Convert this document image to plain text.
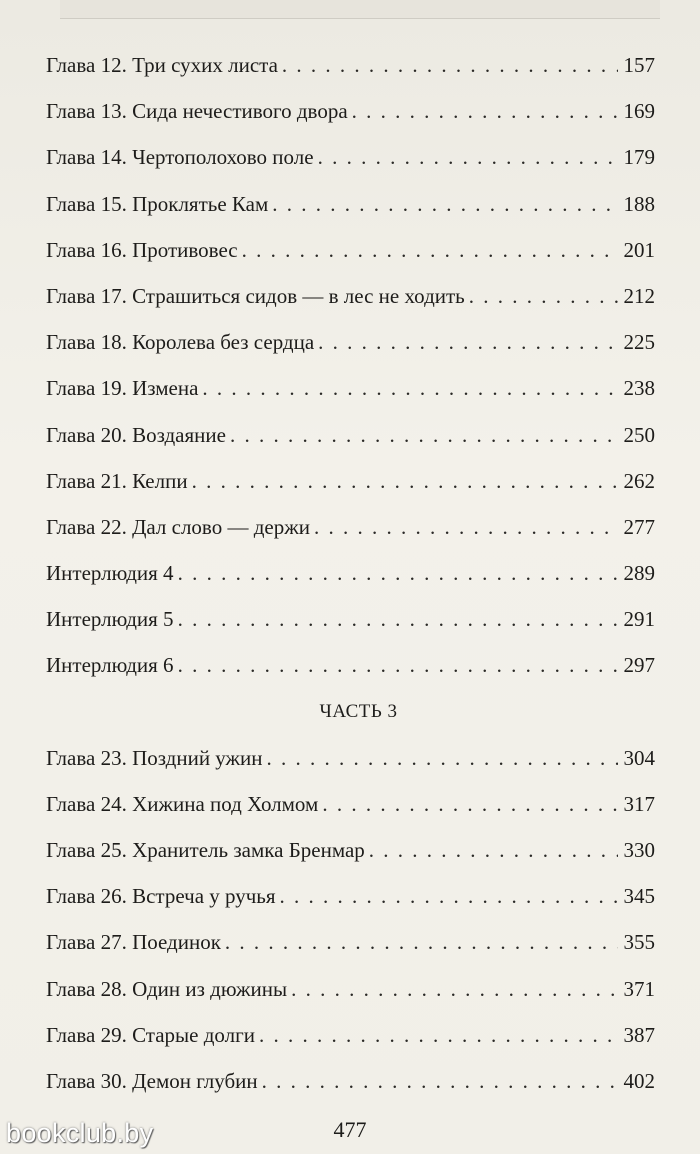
Глава 12. Три сухих листа . . .	157
Глава 13. Сида нечестивого двора . . .	169
Глава 14. Чертополохово поле . . .	179
Глава 15. Проклятье Кам . . .	188
Глава 16. Противовес . . .	201
Глава 17. Страшиться сидов — в лес не ходить . . .	212
Глава 18. Королева без сердца . . .	225
Глава 19. Измена . . .	238
Глава 20. Воздаяние . . .	250
Глава 21. Келпи . . .	262
Глава 22. Дал слово — держи . . .	277
Интерлюдия 4 . . .	289
Интерлюдия 5 . . .	291
Интерлюдия 6 . . .	297
ЧАСТЬ 3
Глава 23. Поздний ужин . . .	304
Глава 24. Хижина под Холмом . . .	317
Глава 25. Хранитель замка Бренмар . . .	330
Глава 26. Встреча у ручья . . .	345
Глава 27. Поединок . . .	355
Глава 28. Один из дюжины . . .	371
Глава 29. Старые долги . . .	387
Глава 30. Демон глубин . . .	402
477
bookclub.by
